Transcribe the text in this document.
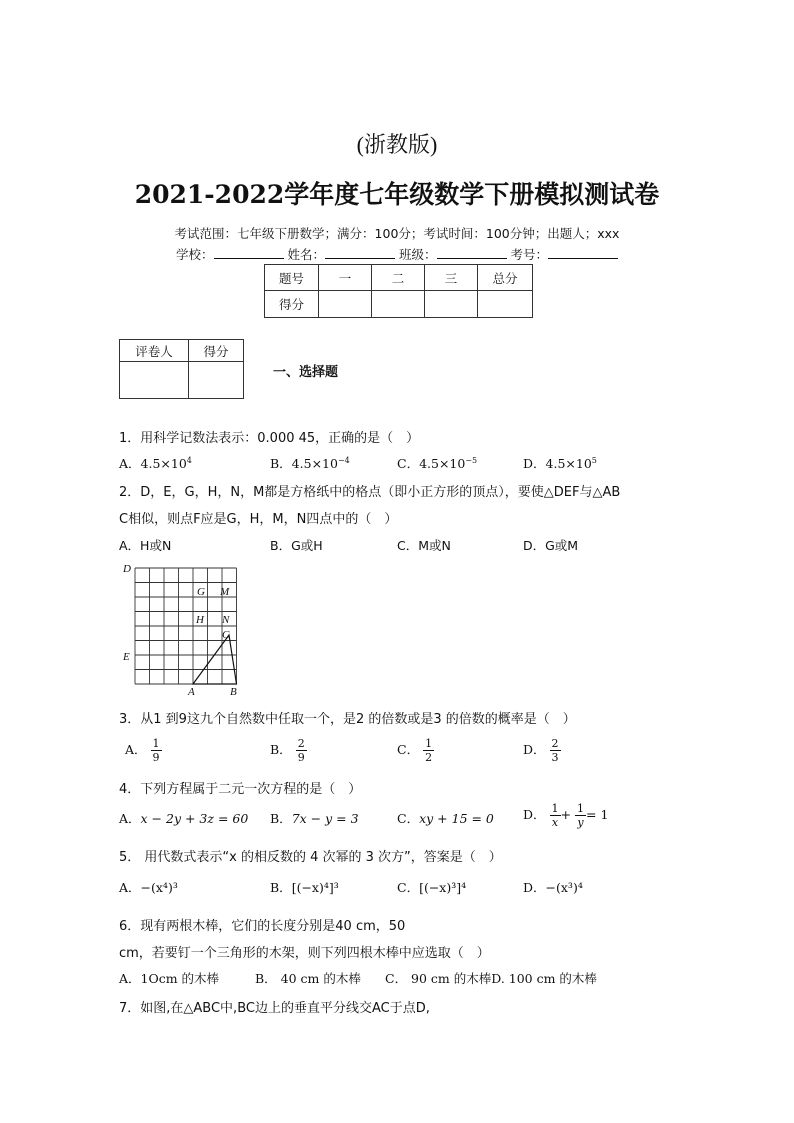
(浙教版)
2021-2022学年度七年级数学下册模拟测试卷
考试范围：七年级下册数学；满分：100分；考试时间：100分钟；出题人；xxx
学校：	姓名：	班级：	考号：
题号	一	二	三	总分
得分				
评卷人	得分

一、选择题
1．用科学记数法表示：0.000 45，正确的是（　）
A．$4.5\times 10^4$	B．$4.5\times 10^{-4}$	C．$4.5\times 10^{-5}$	D．$4.5\times 10^5$
2．D，E，G，H，N，M都是方格纸中的格点（即小正方形的顶点），要使△DEF与△AB
C相似，则点F应是G，H，M，N四点中的（　）
A．H或N	B．G或H	C．M或N	D．G或M
D
E
G M
H N
C
A	B
3．从1 到9这九个自然数中任取一个，是2 的倍数或是3 的倍数的概率是（　）
A． $\frac{1}{9}$	B． $\frac{2}{9}$	C． $\frac{1}{2}$	D． $\frac{2}{3}$
4．下列方程属于二元一次方程的是（　）
A．x − 2y + 3z = 60 B．7x − y = 3	C．xy + 15 = 0 D． $\frac{1}{x} + \frac{1}{y} = 1$
5． 用代数式表示“x 的相反数的 4 次幂的 3 次方”，答案是（　）
A．−(x⁴)³	B．[(−x)⁴]³	C．[(−x)³]⁴	D．−(x³)⁴
6．现有两根木棒，它们的长度分别是40 cm，50
cm，若要钉一个三角形的木架，则下列四根木棒中应选取（　）
A．1Ocm 的木棒	B． 40 cm 的木棒 C． 90 cm 的木棒D. 100 cm 的木棒
7．如图,在△ABC中,BC边上的垂直平分线交AC于点D,
